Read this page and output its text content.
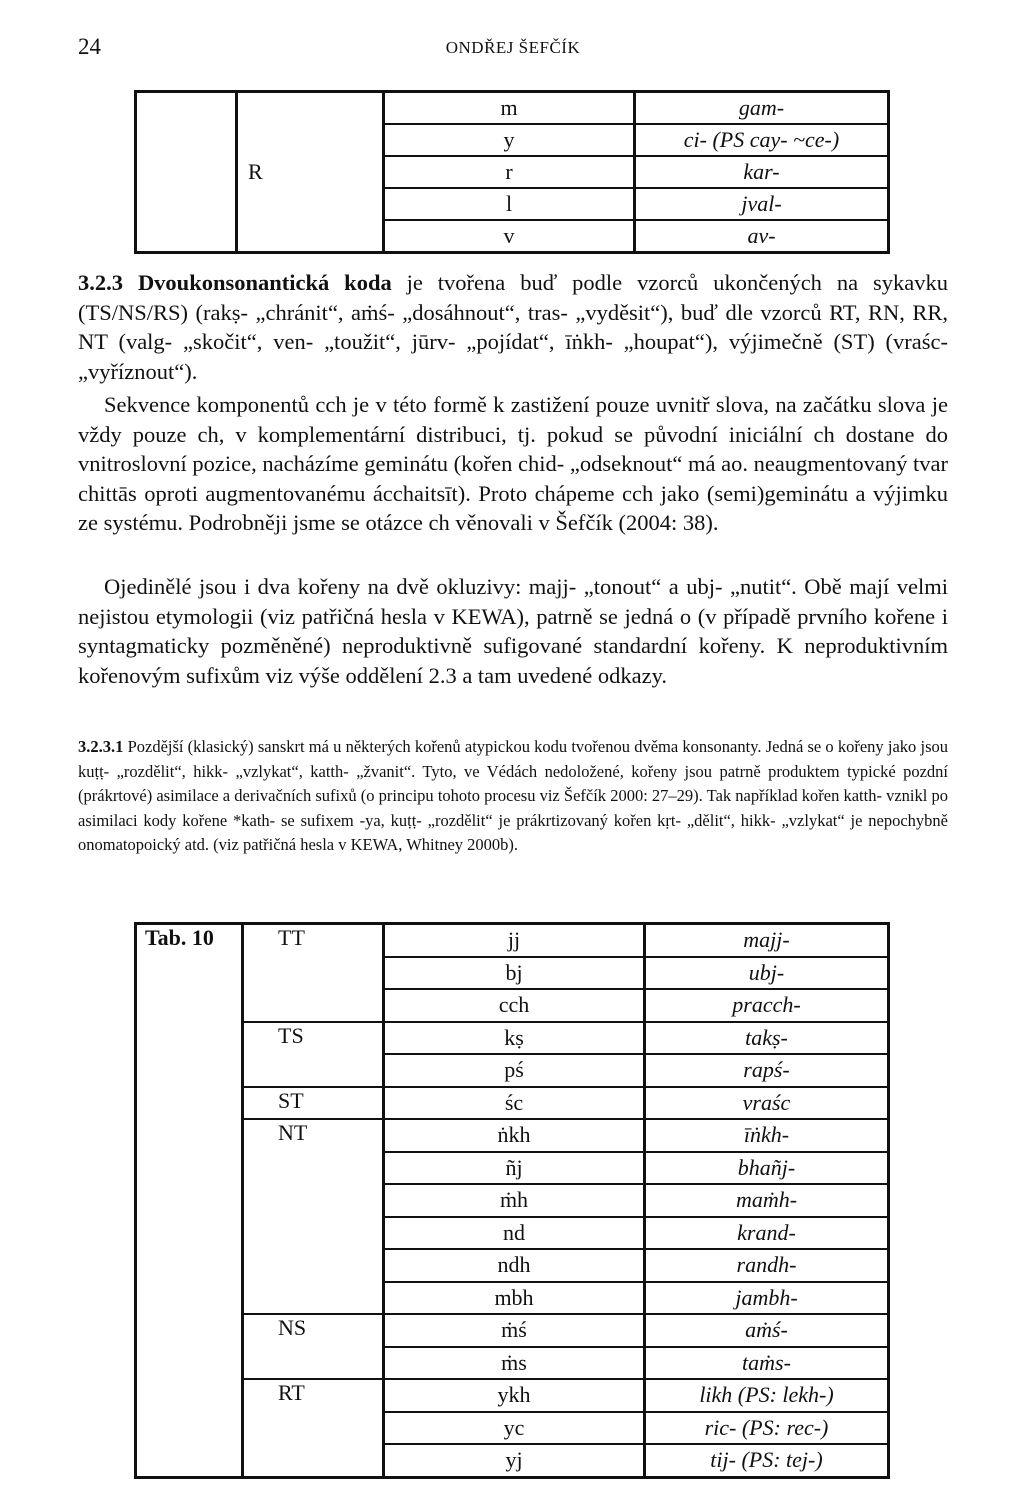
24	ONDŘEJ ŠEFČÍK
	R	m	gam-
		y	ci- (PS cay- ~ce-)
		r	kar-
		l	jval-
		v	av-

3.2.3 Dvoukonsonantická koda je tvořena buď podle vzorců ukončených na sykavku (TS/NS/RS) (rakṣ- „chránit“, aṁś- „dosáhnout“, tras- „vyděsit“), buď dle vzorců RT, RN, RR, NT (valg- „skočit“, ven- „toužit“, jūrv- „pojídat“, īṅkh- „houpat“), výjimečně (ST) (vraśc- „vyříznout“).

Sekvence komponentů cch je v této formě k zastižení pouze uvnitř slova, na začátku slova je vždy pouze ch, v komplementární distribuci, tj. pokud se původní iniciální ch dostane do vnitroslovní pozice, nacházíme geminátu (kořen chid- „odseknout“ má ao. neaugmentovaný tvar chittās oproti augmentovanému ácchaitsīt). Proto chápeme cch jako (semi)geminátu a výjimku ze systému. Podrobněji jsme se otázce ch věnovali v Šefčík (2004: 38).

Ojedinělé jsou i dva kořeny na dvě okluzivy: majj- „tonout“ a ubj- „nutit“. Obě mají velmi nejistou etymologii (viz patřičná hesla v KEWA), patrně se jedná o (v případě prvního kořene i syntagmaticky pozměněné) neproduktivně sufigované standardní kořeny. K neproduktivním kořenovým sufixům viz výše oddělení 2.3 a tam uvedené odkazy.

3.2.3.1 Pozdější (klasický) sanskrt má u některých kořenů atypickou kodu tvořenou dvěma konsonanty. Jedná se o kořeny jako jsou kuṭṭ- „rozdělit“, hikk- „vzlykat“, katth- „žvanit“. Tyto, ve Védách nedoložené, kořeny jsou patrně produktem typické pozdní (prákrtové) asimilace a derivačních sufixů (o principu tohoto procesu viz Šefčík 2000: 27–29). Tak například kořen katth- vznikl po asimilaci kody kořene *kath- se sufixem -ya, kuṭṭ- „rozdělit“ je prákrtizovaný kořen kṛt- „dělit“, hikk- „vzlykat“ je nepochybně onomatopoický atd. (viz patřičná hesla v KEWA, Whitney 2000b).

Tab. 10	TT	jj	majj-
		bj	ubj-
		cch	pracch-
	TS	kṣ	takṣ-
		pś	rapś-
	ST	śc	vraśc
	NT	ṅkh	īṅkh-
		ñj	bhañj-
		ṁh	maṁh-
		nd	krand-
		ndh	randh-
		mbh	jambh-
	NS	ṁś	aṁś-
		ṁs	taṁs-
	RT	ykh	likh (PS: lekh-)
		yc	ric- (PS: rec-)
		yj	tij- (PS: tej-)
